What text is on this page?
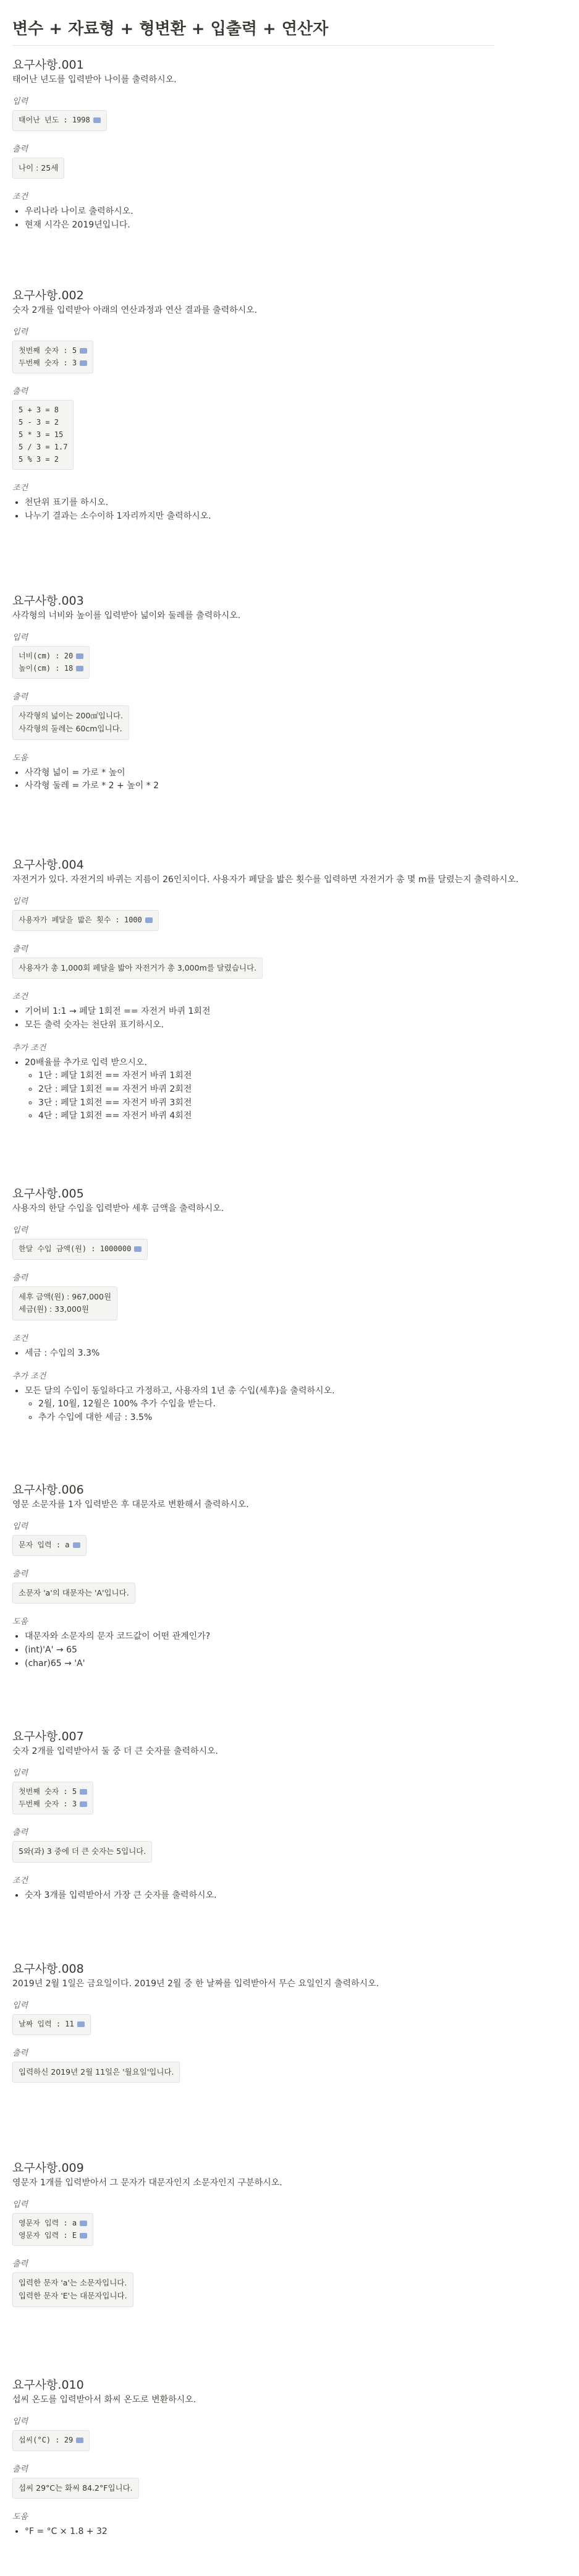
변수 + 자료형 + 형변환 + 입출력 + 연산자
요구사항.001

태어난 년도를 입력받아 나이를 출력하시오.

입력

태어난 년도 : 1998

출력

나이 : 25세

조건

• 우리나라 나이로 출력하시오.
• 현재 시각은 2019년입니다.
요구사항.002

숫자 2개를 입력받아 아래의 연산과정과 연산 결과를 출력하시오.

입력

첫번째 숫자 : 5
두번째 숫자 : 3

출력

5 + 3 = 8
5 - 3 = 2
5 * 3 = 15
5 / 3 = 1.7
5 % 3 = 2

조건

• 천단위 표기를 하시오.
• 나누기 결과는 소수이하 1자리까지만 출력하시오.
요구사항.003

사각형의 너비와 높이를 입력받아 넓이와 둘레를 출력하시오.

입력

너비(cm) : 20
높이(cm) : 18

출력

사각형의 넓이는 200㎠입니다.
사각형의 둘레는 60cm입니다.

도움

• 사각형 넓이 = 가로 * 높이
• 사각형 둘레 = 가로 * 2 + 높이 * 2
요구사항.004

자전거가 있다. 자전거의 바퀴는 지름이 26인치이다. 사용자가 페달을 밟은 횟수를 입력하면 자전거가 총 몇 m를 달렸는지 출력하시오.

입력

사용자가 페달을 밟은 횟수 : 1000

출력

사용자가 총 1,000회 페달을 밟아 자전거가 총 3,000m를 달렸습니다.

조건

• 기어비 1:1 → 페달 1회전 == 자전거 바퀴 1회전
• 모든 출력 숫자는 천단위 표기하시오.

추가 조건

• 20배율를 추가로 입력 받으시오.
◦ 1단 : 페달 1회전 == 자전거 바퀴 1회전
◦ 2단 : 페달 1회전 == 자전거 바퀴 2회전
◦ 3단 : 페달 1회전 == 자전거 바퀴 3회전
◦ 4단 : 페달 1회전 == 자전거 바퀴 4회전
요구사항.005

사용자의 한달 수입을 입력받아 세후 금액을 출력하시오.

입력

한달 수입 금액(원) : 1000000

출력

세후 금액(원) : 967,000원
세금(원) : 33,000원

조건

• 세금 : 수입의 3.3%

추가 조건

• 모든 달의 수입이 동일하다고 가정하고, 사용자의 1년 총 수입(세후)을 출력하시오.
◦ 2월, 10월, 12월은 100% 추가 수입을 받는다.
◦ 추가 수입에 대한 세금 : 3.5%
요구사항.006

영문 소문자를 1자 입력받은 후 대문자로 변환해서 출력하시오.

입력

문자 입력 : a

출력

소문자 'a'의 대문자는 'A'입니다.

도움

• 대문자와 소문자의 문자 코드값이 어떤 관계인가?
• (int)'A' → 65
• (char)65 → 'A'
요구사항.007

숫자 2개를 입력받아서 둘 중 더 큰 숫자를 출력하시오.

입력

첫번째 숫자 : 5
두번째 숫자 : 3

출력

5와(과) 3 중에 더 큰 숫자는 5입니다.

조건

• 숫자 3개를 입력받아서 가장 큰 숫자를 출력하시오.
요구사항.008

2019년 2월 1일은 금요일이다. 2019년 2월 중 한 날짜를 입력받아서 무슨 요일인지 출력하시오.

입력

날짜 입력 : 11

출력

입력하신 2019년 2월 11일은 '월요일'입니다.
요구사항.009

영문자 1개를 입력받아서 그 문자가 대문자인지 소문자인지 구분하시오.

입력

영문자 입력 : a
영문자 입력 : E

출력

입력한 문자 'a'는 소문자입니다.
입력한 문자 'E'는 대문자입니다.
요구사항.010

섭씨 온도를 입력받아서 화씨 온도로 변환하시오.

입력

섭씨(°C) : 29

출력

섭씨 29°C는 화씨 84.2°F입니다.

도움

• °F = °C × 1.8 + 32
